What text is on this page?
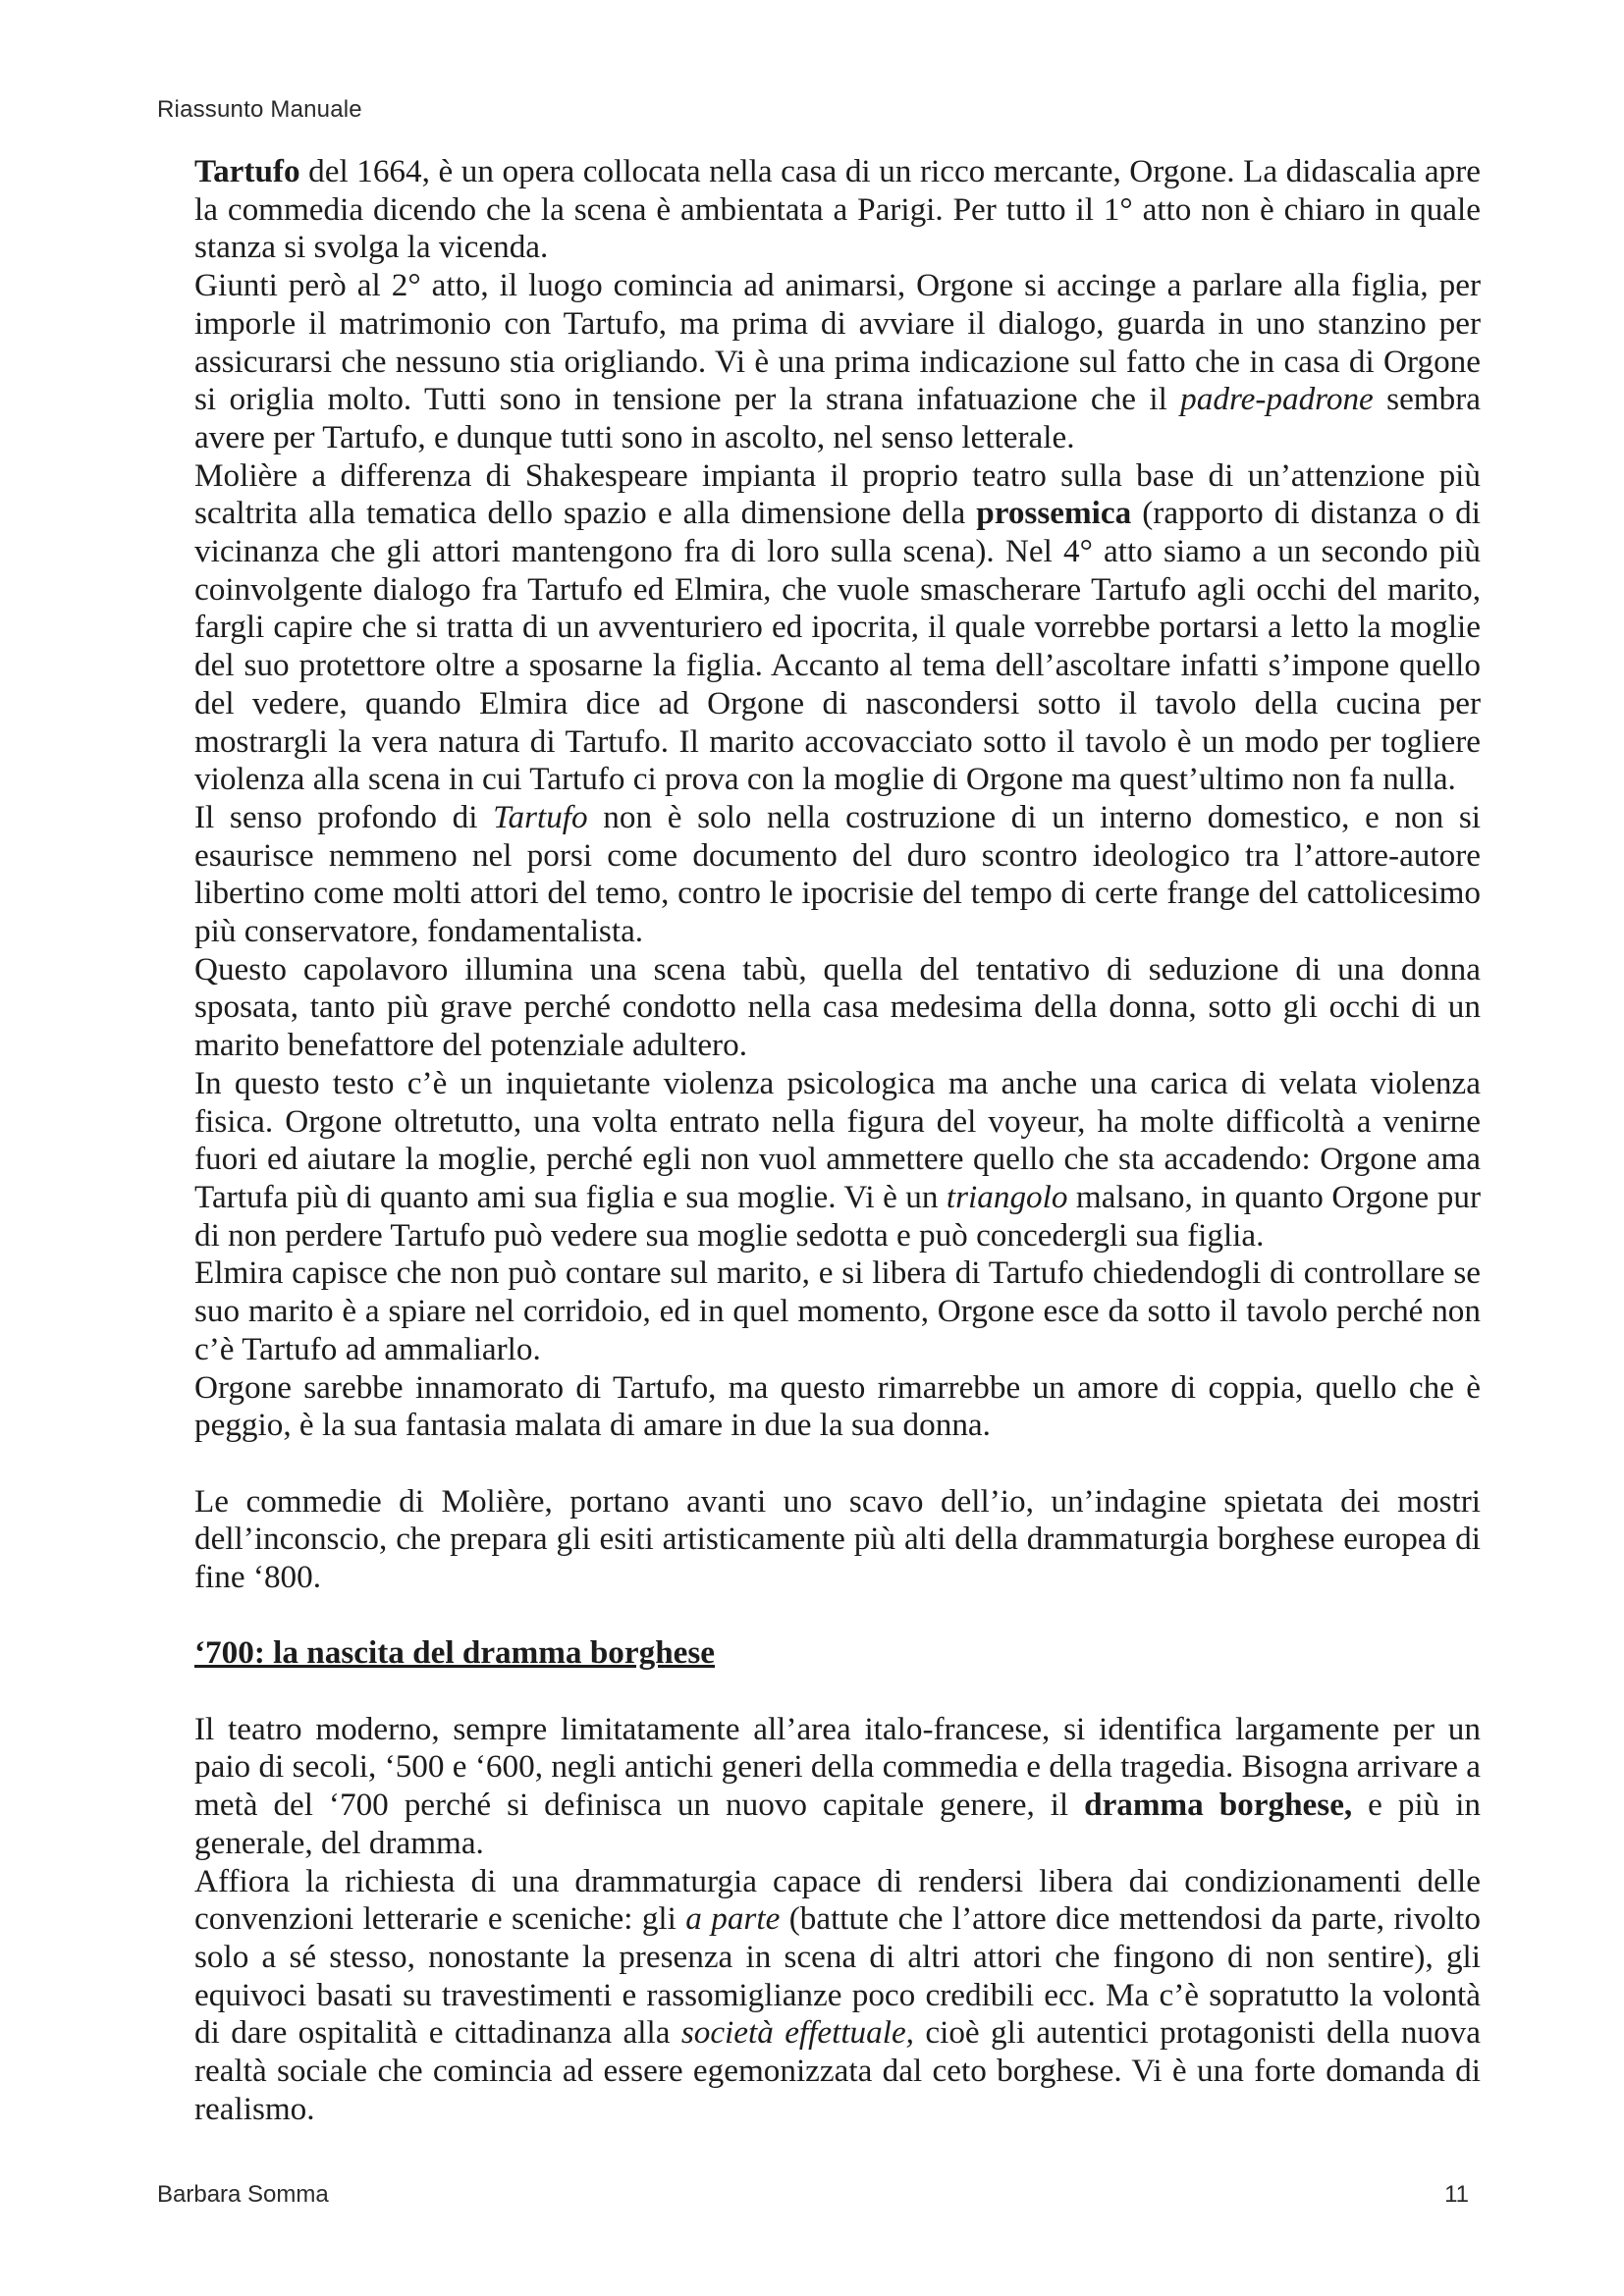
Riassunto Manuale

Tartufo del 1664, è un opera collocata nella casa di un ricco mercante, Orgone. La didascalia apre la commedia dicendo che la scena è ambientata a Parigi. Per tutto il 1° atto non è chiaro in quale stanza si svolga la vicenda.

Giunti però al 2° atto, il luogo comincia ad animarsi, Orgone si accinge a parlare alla figlia, per imporle il matrimonio con Tartufo, ma prima di avviare il dialogo, guarda in uno stanzino per assicurarsi che nessuno stia origliando. Vi è una prima indicazione sul fatto che in casa di Orgone si origlia molto. Tutti sono in tensione per la strana infatuazione che il padre-padrone sembra avere per Tartufo, e dunque tutti sono in ascolto, nel senso letterale.

Molière a differenza di Shakespeare impianta il proprio teatro sulla base di un’attenzione più scaltrita alla tematica dello spazio e alla dimensione della prossemica (rapporto di distanza o di vicinanza che gli attori mantengono fra di loro sulla scena). Nel 4° atto siamo a un secondo più coinvolgente dialogo fra Tartufo ed Elmira, che vuole smascherare Tartufo agli occhi del marito, fargli capire che si tratta di un avventuriero ed ipocrita, il quale vorrebbe portarsi a letto la moglie del suo protettore oltre a sposarne la figlia. Accanto al tema dell’ascoltare infatti s’impone quello del vedere, quando Elmira dice ad Orgone di nascondersi sotto il tavolo della cucina per mostrargli la vera natura di Tartufo. Il marito accovacciato sotto il tavolo è un modo per togliere violenza alla scena in cui Tartufo ci prova con la moglie di Orgone ma quest’ultimo non fa nulla.

Il senso profondo di Tartufo non è solo nella costruzione di un interno domestico, e non si esaurisce nemmeno nel porsi come documento del duro scontro ideologico tra l’attore-autore libertino come molti attori del temo, contro le ipocrisie del tempo di certe frange del cattolicesimo più conservatore, fondamentalista.

Questo capolavoro illumina una scena tabù, quella del tentativo di seduzione di una donna sposata, tanto più grave perché condotto nella casa medesima della donna, sotto gli occhi di un marito benefattore del potenziale adultero.

In questo testo c’è un inquietante violenza psicologica ma anche una carica di velata violenza fisica. Orgone oltretutto, una volta entrato nella figura del voyeur, ha molte difficoltà a venirne fuori ed aiutare la moglie, perché egli non vuol ammettere quello che sta accadendo: Orgone ama Tartufa più di quanto ami sua figlia e sua moglie. Vi è un triangolo malsano, in quanto Orgone pur di non perdere Tartufo può vedere sua moglie sedotta e può concedergli sua figlia.

Elmira capisce che non può contare sul marito, e si libera di Tartufo chiedendogli di controllare se suo marito è a spiare nel corridoio, ed in quel momento, Orgone esce da sotto il tavolo perché non c’è Tartufo ad ammaliarlo.

Orgone sarebbe innamorato di Tartufo, ma questo rimarrebbe un amore di coppia, quello che è peggio, è la sua fantasia malata di amare in due la sua donna.

Le commedie di Molière, portano avanti uno scavo dell’io, un’indagine spietata dei mostri dell’inconscio, che prepara gli esiti artisticamente più alti della drammaturgia borghese europea di fine ‘800.

‘700: la nascita del dramma borghese

Il teatro moderno, sempre limitatamente all’area italo-francese, si identifica largamente per un paio di secoli, ‘500 e ‘600, negli antichi generi della commedia e della tragedia. Bisogna arrivare a metà del ‘700 perché si definisca un nuovo capitale genere, il dramma borghese, e più in generale, del dramma.

Affiora la richiesta di una drammaturgia capace di rendersi libera dai condizionamenti delle convenzioni letterarie e sceniche: gli a parte (battute che l’attore dice mettendosi da parte, rivolto solo a sé stesso, nonostante la presenza in scena di altri attori che fingono di non sentire), gli equivoci basati su travestimenti e rassomiglianze poco credibili ecc. Ma c’è sopratutto la volontà di dare ospitalità e cittadinanza alla società effettuale, cioè gli autentici protagonisti della nuova realtà sociale che comincia ad essere egemonizzata dal ceto borghese. Vi è una forte domanda di realismo.

Barbara Somma	11
